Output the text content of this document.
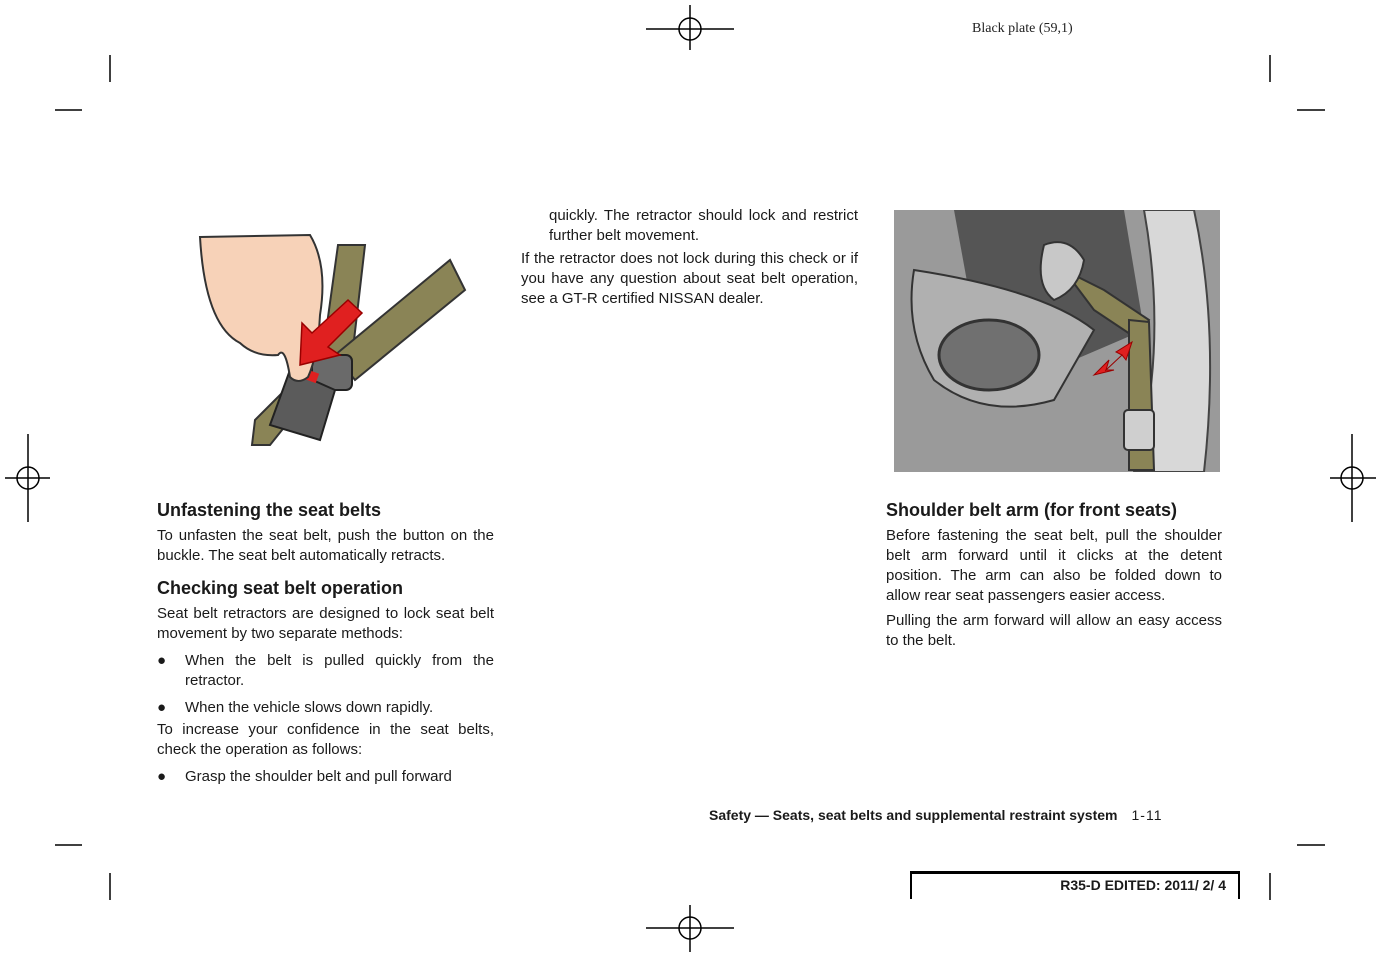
Black plate (59,1)
Unfastening the seat belts

To unfasten the seat belt, push the button on the buckle. The seat belt automatically retracts.

Checking seat belt operation

Seat belt retractors are designed to lock seat belt movement by two separate methods:

● When the belt is pulled quickly from the retractor.
● When the vehicle slows down rapidly.

To increase your confidence in the seat belts, check the operation as follows:

● Grasp the shoulder belt and pull forward

quickly. The retractor should lock and restrict further belt movement.

If the retractor does not lock during this check or if you have any question about seat belt operation, see a GT-R certified NISSAN dealer.

Shoulder belt arm (for front seats)

Before fastening the seat belt, pull the shoulder belt arm forward until it clicks at the detent position. The arm can also be folded down to allow rear seat passengers easier access.

Pulling the arm forward will allow an easy access to the belt.

Safety — Seats, seat belts and supplemental restraint system 1-11
R35-D EDITED: 2011/ 2/ 4
